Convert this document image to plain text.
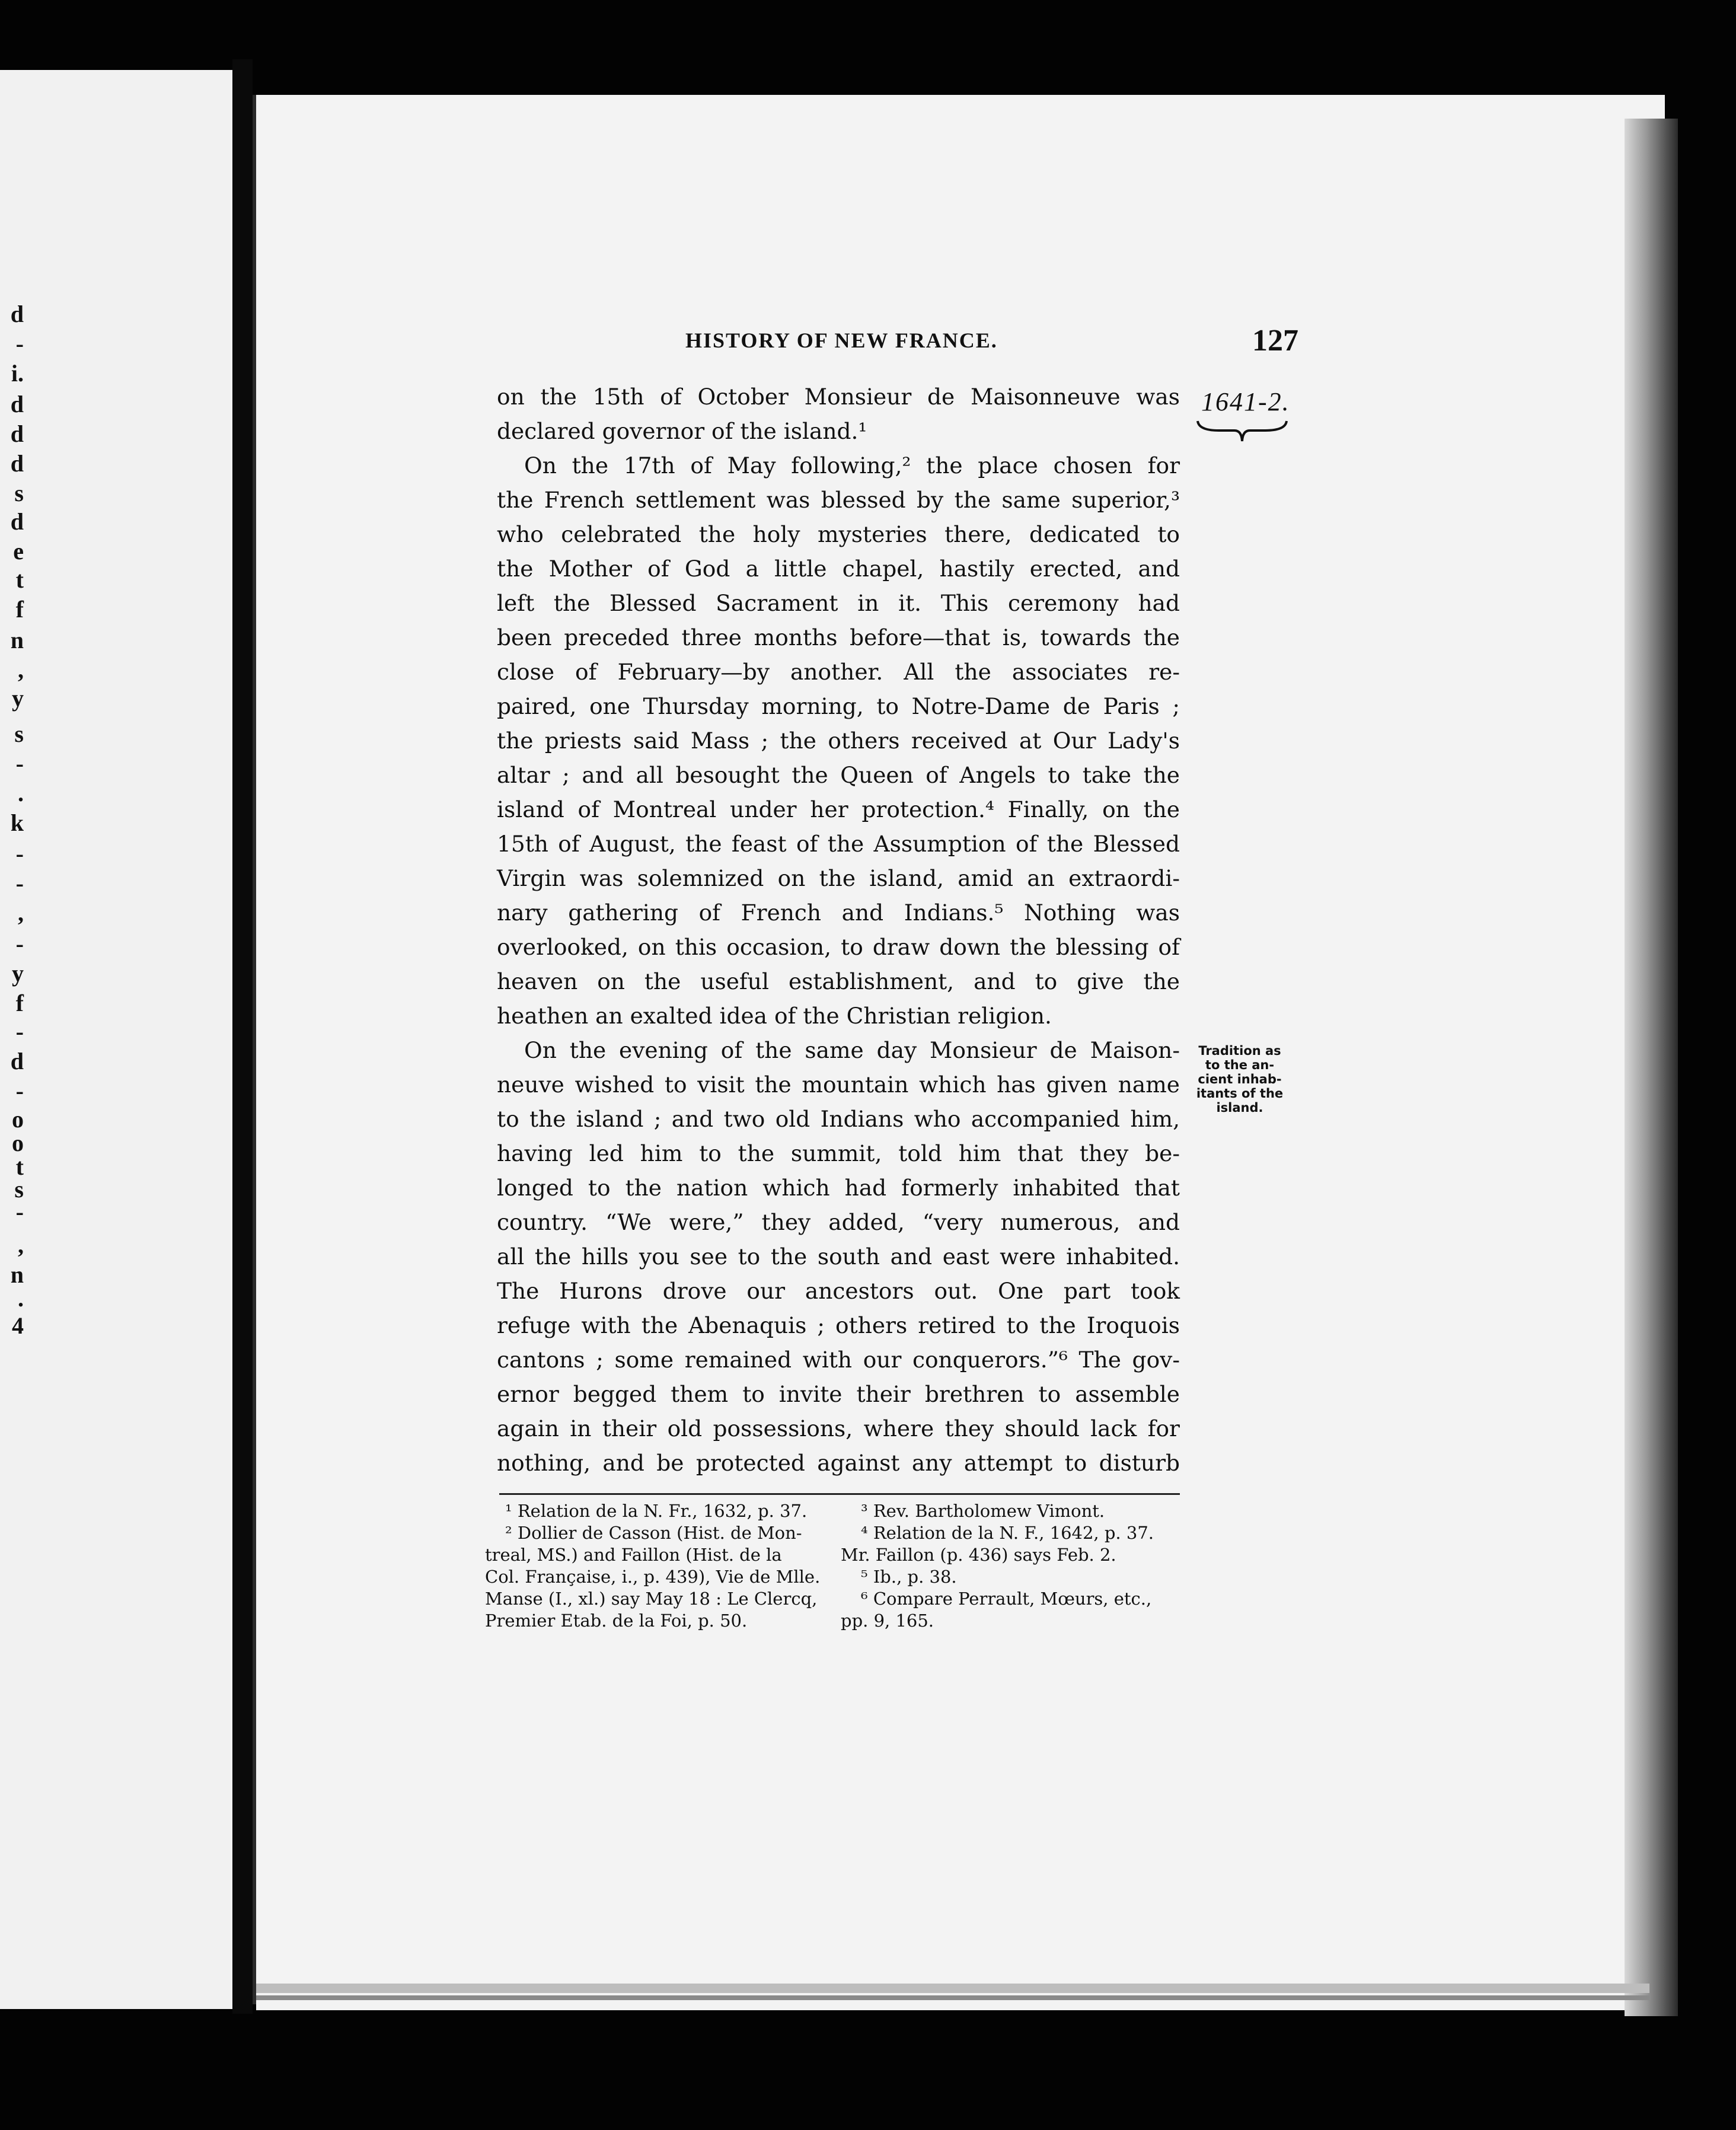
d
-
i.
d
d
d
s
d
e
t
f
n
,
y
s
-
.
k
-
-
,
-
y
f
-
d
-
o
o
t
s
-
,
n
.
4
HISTORY OF NEW FRANCE.	127
1641-2.
Tradition as
to the an-
cient inhab-
itants of the
island.
on the 15th of October Monsieur de Maisonneuve was
declared governor of the island.¹
On the 17th of May following,² the place chosen for
the French settlement was blessed by the same superior,³
who celebrated the holy mysteries there, dedicated to
the Mother of God a little chapel, hastily erected, and
left the Blessed Sacrament in it. This ceremony had
been preceded three months before—that is, towards the
close of February—by another. All the associates re-
paired, one Thursday morning, to Notre-Dame de Paris ;
the priests said Mass ; the others received at Our Lady's
altar ; and all besought the Queen of Angels to take the
island of Montreal under her protection.⁴ Finally, on the
15th of August, the feast of the Assumption of the Blessed
Virgin was solemnized on the island, amid an extraordi-
nary gathering of French and Indians.⁵ Nothing was
overlooked, on this occasion, to draw down the blessing of
heaven on the useful establishment, and to give the
heathen an exalted idea of the Christian religion.
On the evening of the same day Monsieur de Maison-
neuve wished to visit the mountain which has given name
to the island ; and two old Indians who accompanied him,
having led him to the summit, told him that they be-
longed to the nation which had formerly inhabited that
country. “We were,” they added, “very numerous, and
all the hills you see to the south and east were inhabited.
The Hurons drove our ancestors out. One part took
refuge with the Abenaquis ; others retired to the Iroquois
cantons ; some remained with our conquerors.”⁶ The gov-
ernor begged them to invite their brethren to assemble
again in their old possessions, where they should lack for
nothing, and be protected against any attempt to disturb
¹ Relation de la N. Fr., 1632, p. 37.
² Dollier de Casson (Hist. de Mon-
treal, MS.) and Faillon (Hist. de la
Col. Française, i., p. 439), Vie de Mlle.
Manse (I., xl.) say May 18 : Le Clercq,
Premier Etab. de la Foi, p. 50.
³ Rev. Bartholomew Vimont.
⁴ Relation de la N. F., 1642, p. 37.
Mr. Faillon (p. 436) says Feb. 2.
⁵ Ib., p. 38.
⁶ Compare Perrault, Mœurs, etc.,
pp. 9, 165.
